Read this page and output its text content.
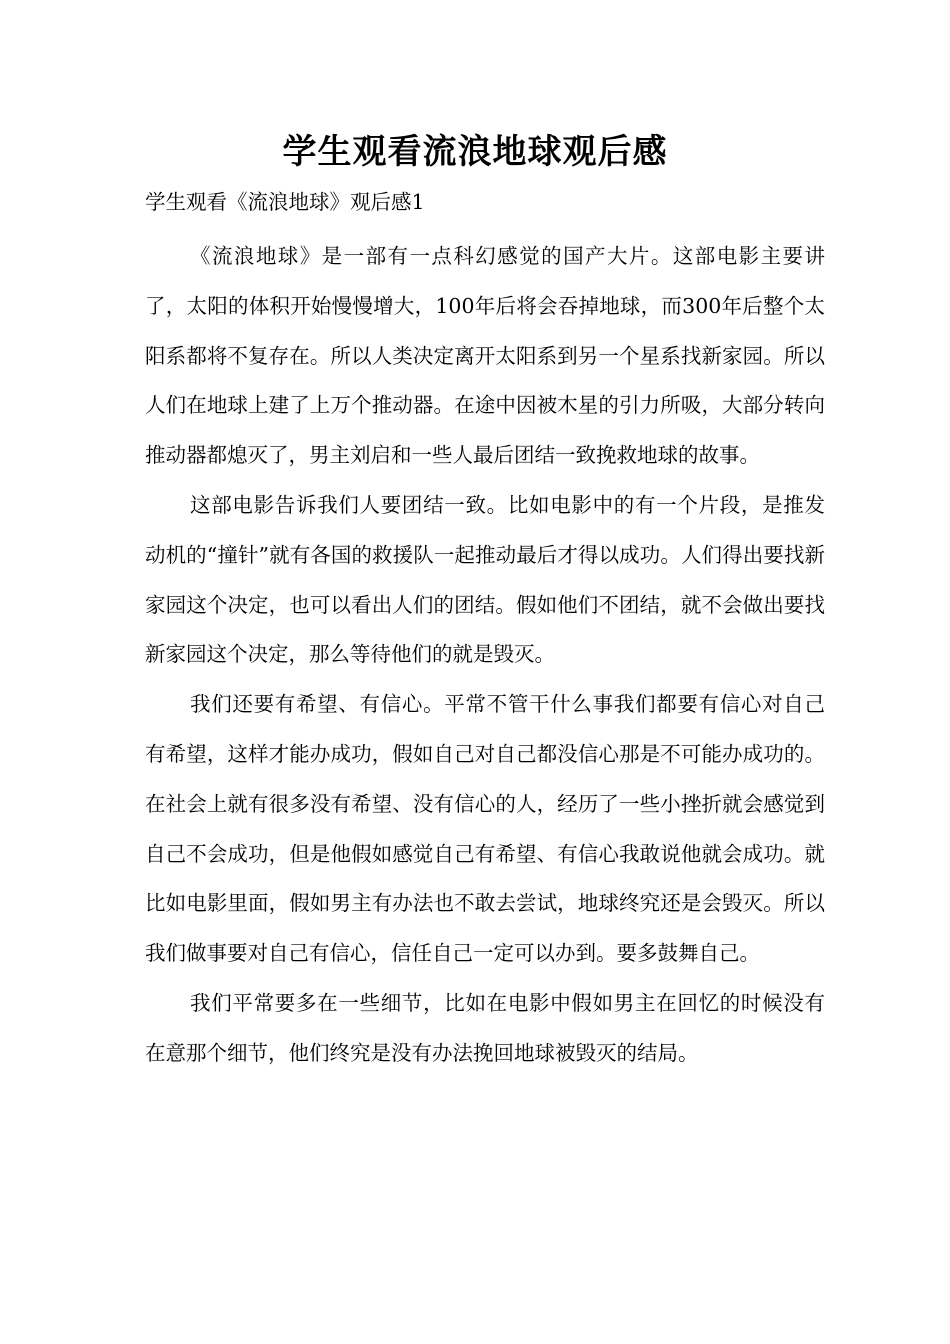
学生观看流浪地球观后感

学生观看《流浪地球》观后感1

《流浪地球》是一部有一点科幻感觉的国产大片。这部电影主要讲了，太阳的体积开始慢慢增大，100年后将会吞掉地球，而300年后整个太阳系都将不复存在。所以人类决定离开太阳系到另一个星系找新家园。所以人们在地球上建了上万个推动器。在途中因被木星的引力所吸，大部分转向推动器都熄灭了，男主刘启和一些人最后团结一致挽救地球的故事。

这部电影告诉我们人要团结一致。比如电影中的有一个片段，是推发动机的“撞针”就有各国的救援队一起推动最后才得以成功。人们得出要找新家园这个决定，也可以看出人们的团结。假如他们不团结，就不会做出要找新家园这个决定，那么等待他们的就是毁灭。

我们还要有希望、有信心。平常不管干什么事我们都要有信心对自己有希望，这样才能办成功，假如自己对自己都没信心那是不可能办成功的。在社会上就有很多没有希望、没有信心的人，经历了一些小挫折就会感觉到自己不会成功，但是他假如感觉自己有希望、有信心我敢说他就会成功。就比如电影里面，假如男主有办法也不敢去尝试，地球终究还是会毁灭。所以我们做事要对自己有信心，信任自己一定可以办到。要多鼓舞自己。

我们平常要多在一些细节，比如在电影中假如男主在回忆的时候没有在意那个细节，他们终究是没有办法挽回地球被毁灭的结局。
